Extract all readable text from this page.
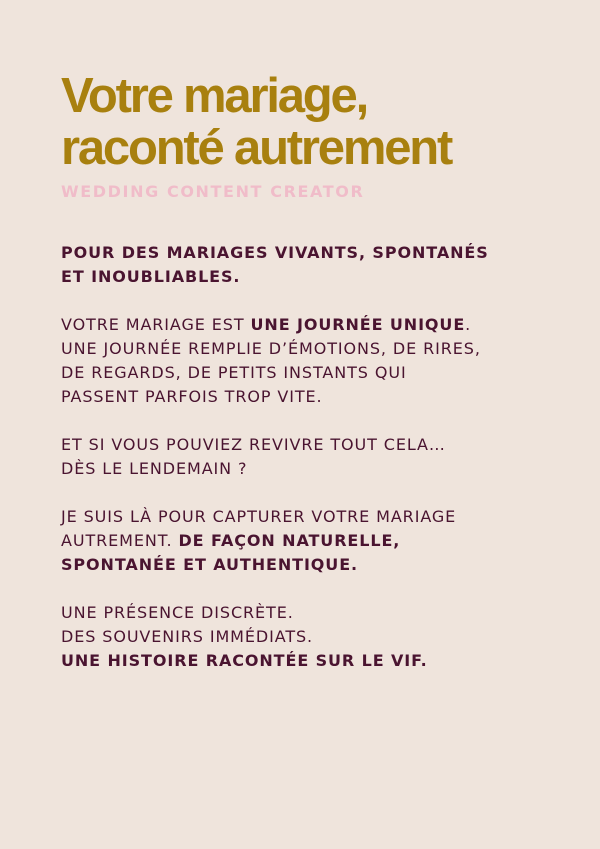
Votre mariage,
raconté autrement
WEDDING CONTENT CREATOR

POUR DES MARIAGES VIVANTS, SPONTANÉS
ET INOUBLIABLES.

VOTRE MARIAGE EST UNE JOURNÉE UNIQUE.
UNE JOURNÉE REMPLIE D’ÉMOTIONS, DE RIRES,
DE REGARDS, DE PETITS INSTANTS QUI
PASSENT PARFOIS TROP VITE.

ET SI VOUS POUVIEZ REVIVRE TOUT CELA…
DÈS LE LENDEMAIN ?

JE SUIS LÀ POUR CAPTURER VOTRE MARIAGE
AUTREMENT. DE FAÇON NATURELLE,
SPONTANÉE ET AUTHENTIQUE.

UNE PRÉSENCE DISCRÈTE.
DES SOUVENIRS IMMÉDIATS.
UNE HISTOIRE RACONTÉE SUR LE VIF.
